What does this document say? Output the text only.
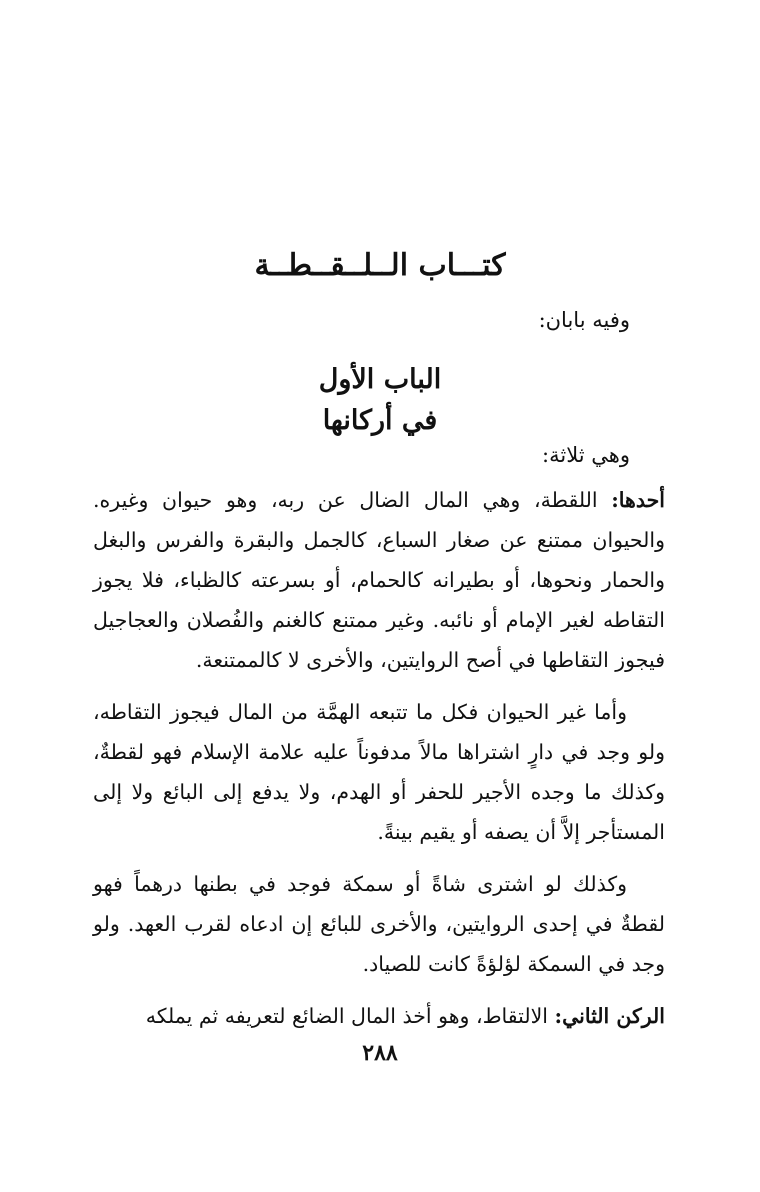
كتـــاب الــلــقــطــة
وفيه بابان:
الباب الأول
في أركانها
وهي ثلاثة:

أحدها: اللقطة، وهي المال الضال عن ربه، وهو حيوان وغيره. والحيوان ممتنع عن صغار السباع، كالجمل والبقرة والفرس والبغل والحمار ونحوها، أو بطيرانه كالحمام، أو بسرعته كالظباء، فلا يجوز التقاطه لغير الإمام أو نائبه. وغير ممتنع كالغنم والفُصلان والعجاجيل فيجوز التقاطها في أصح الروايتين، والأخرى لا كالممتنعة.

وأما غير الحيوان فكل ما تتبعه الهمَّة من المال فيجوز التقاطه، ولو وجد في دارٍ اشتراها مالاً مدفوناً عليه علامة الإسلام فهو لقطةٌ، وكذلك ما وجده الأجير للحفر أو الهدم، ولا يدفع إلى البائع ولا إلى المستأجر إلاَّ أن يصفه أو يقيم بينةً.

وكذلك لو اشترى شاةً أو سمكة فوجد في بطنها درهماً فهو لقطةٌ في إحدى الروايتين، والأخرى للبائع إن ادعاه لقرب العهد. ولو وجد في السمكة لؤلؤةً كانت للصياد.

الركن الثاني: الالتقاط، وهو أخذ المال الضائع لتعريفه ثم يملكه

٢٨٨
